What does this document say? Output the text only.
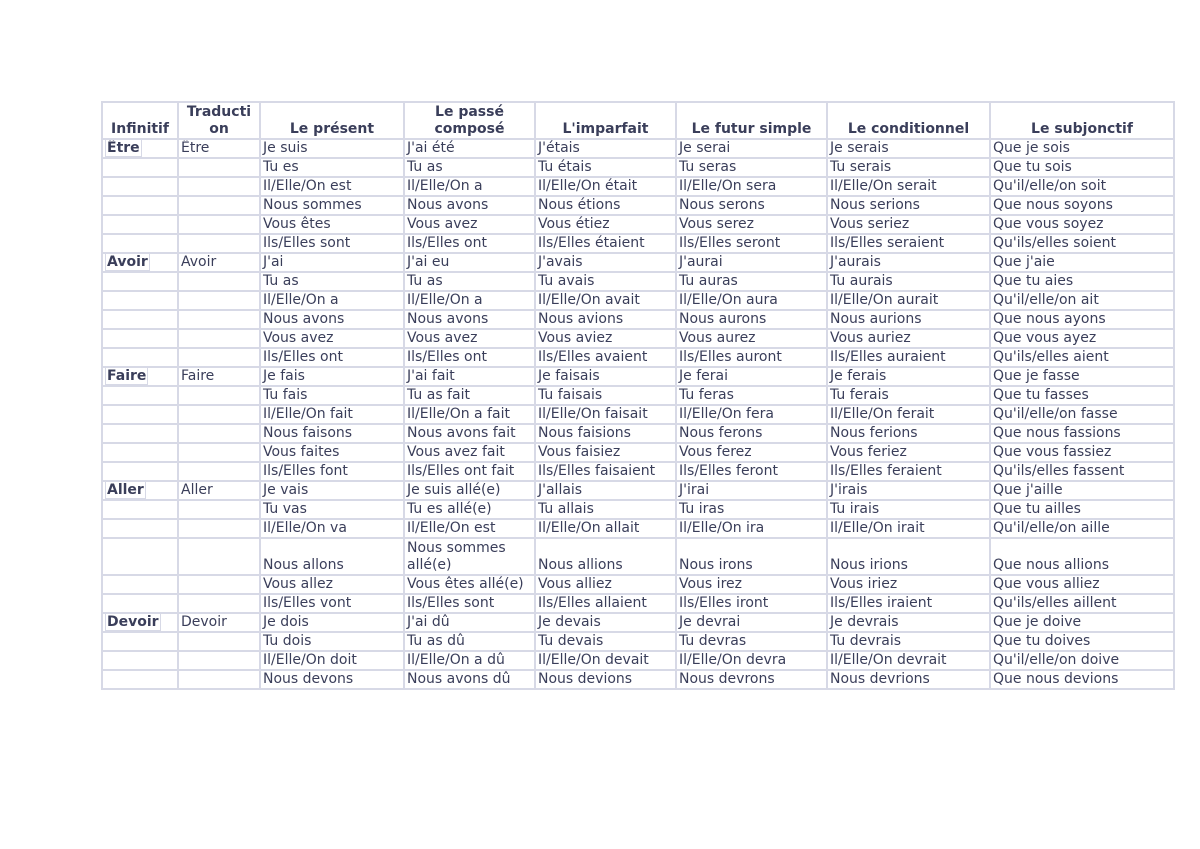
Infinitif	Traducti on	Le présent	Le passé composé	L'imparfait	Le futur simple	Le conditionnel	Le subjonctif
Être	Être	Je suis	J'ai été	J'étais	Je serai	Je serais	Que je sois
		Tu es	Tu as	Tu étais	Tu seras	Tu serais	Que tu sois
		Il/Elle/On est	Il/Elle/On a	Il/Elle/On était	Il/Elle/On sera	Il/Elle/On serait	Qu'il/elle/on soit
		Nous sommes	Nous avons	Nous étions	Nous serons	Nous serions	Que nous soyons
		Vous êtes	Vous avez	Vous étiez	Vous serez	Vous seriez	Que vous soyez
		Ils/Elles sont	Ils/Elles ont	Ils/Elles étaient	Ils/Elles seront	Ils/Elles seraient	Qu'ils/elles soient
Avoir	Avoir	J'ai	J'ai eu	J'avais	J'aurai	J'aurais	Que j'aie
		Tu as	Tu as	Tu avais	Tu auras	Tu aurais	Que tu aies
		Il/Elle/On a	Il/Elle/On a	Il/Elle/On avait	Il/Elle/On aura	Il/Elle/On aurait	Qu'il/elle/on ait
		Nous avons	Nous avons	Nous avions	Nous aurons	Nous aurions	Que nous ayons
		Vous avez	Vous avez	Vous aviez	Vous aurez	Vous auriez	Que vous ayez
		Ils/Elles ont	Ils/Elles ont	Ils/Elles avaient	Ils/Elles auront	Ils/Elles auraient	Qu'ils/elles aient
Faire	Faire	Je fais	J'ai fait	Je faisais	Je ferai	Je ferais	Que je fasse
		Tu fais	Tu as fait	Tu faisais	Tu feras	Tu ferais	Que tu fasses
		Il/Elle/On fait	Il/Elle/On a fait	Il/Elle/On faisait	Il/Elle/On fera	Il/Elle/On ferait	Qu'il/elle/on fasse
		Nous faisons	Nous avons fait	Nous faisions	Nous ferons	Nous ferions	Que nous fassions
		Vous faites	Vous avez fait	Vous faisiez	Vous ferez	Vous feriez	Que vous fassiez
		Ils/Elles font	Ils/Elles ont fait	Ils/Elles faisaient	Ils/Elles feront	Ils/Elles feraient	Qu'ils/elles fassent
Aller	Aller	Je vais	Je suis allé(e)	J'allais	J'irai	J'irais	Que j'aille
		Tu vas	Tu es allé(e)	Tu allais	Tu iras	Tu irais	Que tu ailles
		Il/Elle/On va	Il/Elle/On est	Il/Elle/On allait	Il/Elle/On ira	Il/Elle/On irait	Qu'il/elle/on aille
		Nous allons	Nous sommes allé(e)	Nous allions	Nous irons	Nous irions	Que nous allions
		Vous allez	Vous êtes allé(e)	Vous alliez	Vous irez	Vous iriez	Que vous alliez
		Ils/Elles vont	Ils/Elles sont	Ils/Elles allaient	Ils/Elles iront	Ils/Elles iraient	Qu'ils/elles aillent
Devoir	Devoir	Je dois	J'ai dû	Je devais	Je devrai	Je devrais	Que je doive
		Tu dois	Tu as dû	Tu devais	Tu devras	Tu devrais	Que tu doives
		Il/Elle/On doit	Il/Elle/On a dû	Il/Elle/On devait	Il/Elle/On devra	Il/Elle/On devrait	Qu'il/elle/on doive
		Nous devons	Nous avons dû	Nous devions	Nous devrons	Nous devrions	Que nous devions
